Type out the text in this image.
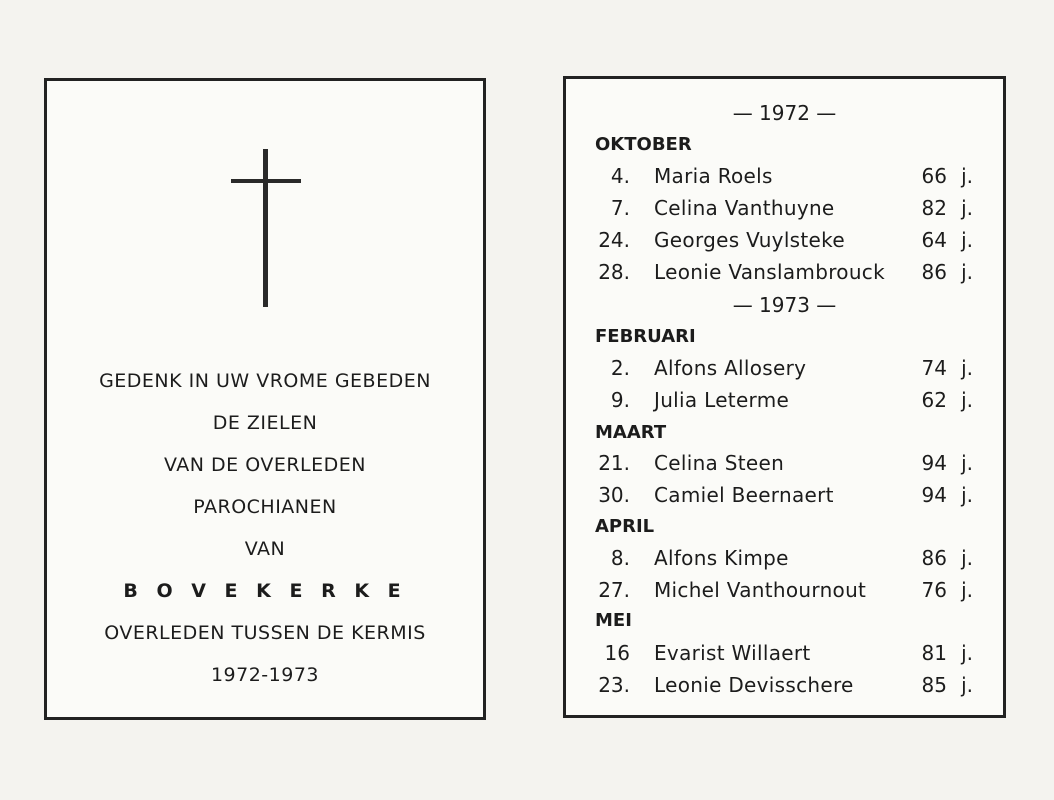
GEDENK IN UW VROME GEBEDEN
DE ZIELEN
VAN DE OVERLEDEN
PAROCHIANEN
VAN
B O V E K E R K E
OVERLEDEN TUSSEN DE KERMIS
1972-1973
— 1972 —
OKTOBER
4. Maria Roels	66 j.
7. Celina Vanthuyne	82 j.
24. Georges Vuylsteke	64 j.
28. Leonie Vanslambrouck 86 j.
— 1973 —
FEBRUARI
2. Alfons Allosery	74 j.
9. Julia Leterme	62 j.
MAART
21. Celina Steen	94 j.
30. Camiel Beernaert	94 j.
APRIL
8. Alfons Kimpe	86 j.
27. Michel Vanthournout	76 j.
MEI
16 Evarist Willaert	81 j.
23. Leonie Devisschere	85 j.
